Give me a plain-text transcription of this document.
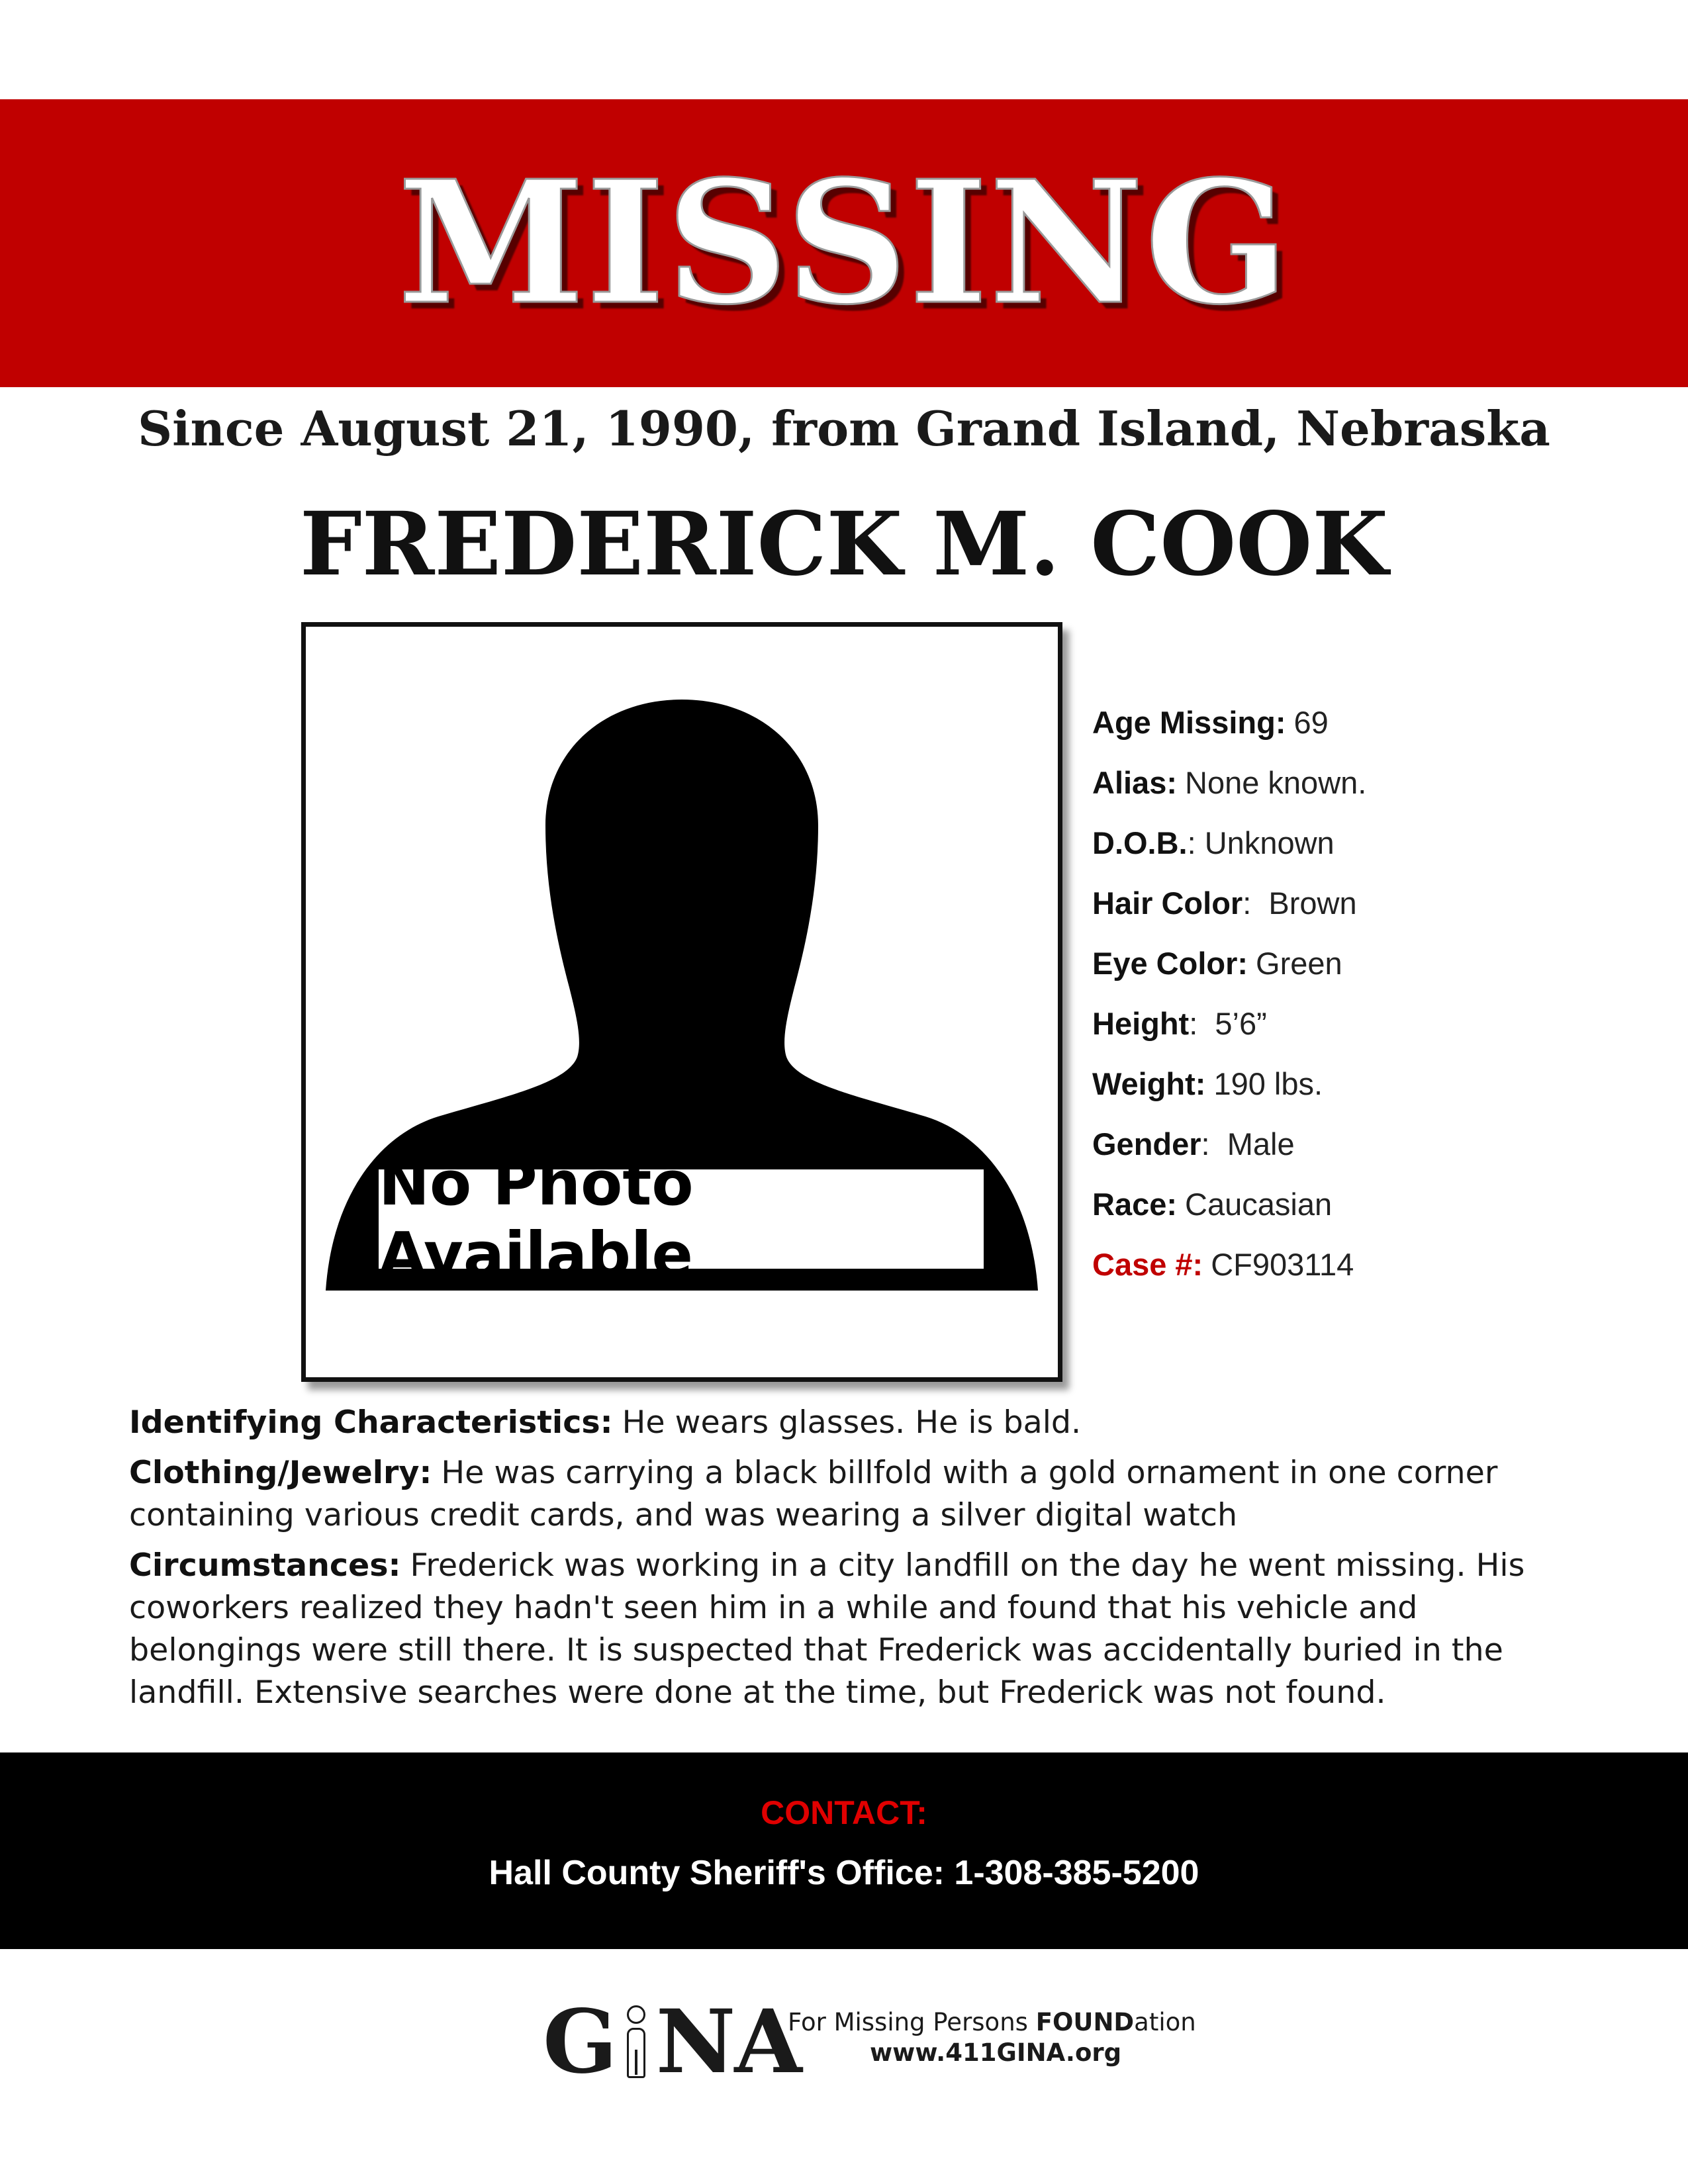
MISSING
Since August 21, 1990, from Grand Island, Nebraska
FREDERICK M. COOK
No Photo Available
Age Missing: 69
Alias: None known.
D.O.B.: Unknown
Hair Color:  Brown
Eye Color: Green
Height:  5’6”
Weight: 190 lbs.
Gender:  Male
Race: Caucasian
Case #: CF903114

Identifying Characteristics: He wears glasses. He is bald.

Clothing/Jewelry: He was carrying a black billfold with a gold ornament in one corner containing various credit cards, and was wearing a silver digital watch

Circumstances: Frederick was working in a city landfill on the day he went missing. His coworkers realized they hadn't seen him in a while and found that his vehicle and belongings were still there. It is suspected that Frederick was accidentally buried in the landfill. Extensive searches were done at the time, but Frederick was not found.

CONTACT:
Hall County Sheriff's Office: 1-308-385-5200
G NA
For Missing Persons FOUNDation
www.411GINA.org
